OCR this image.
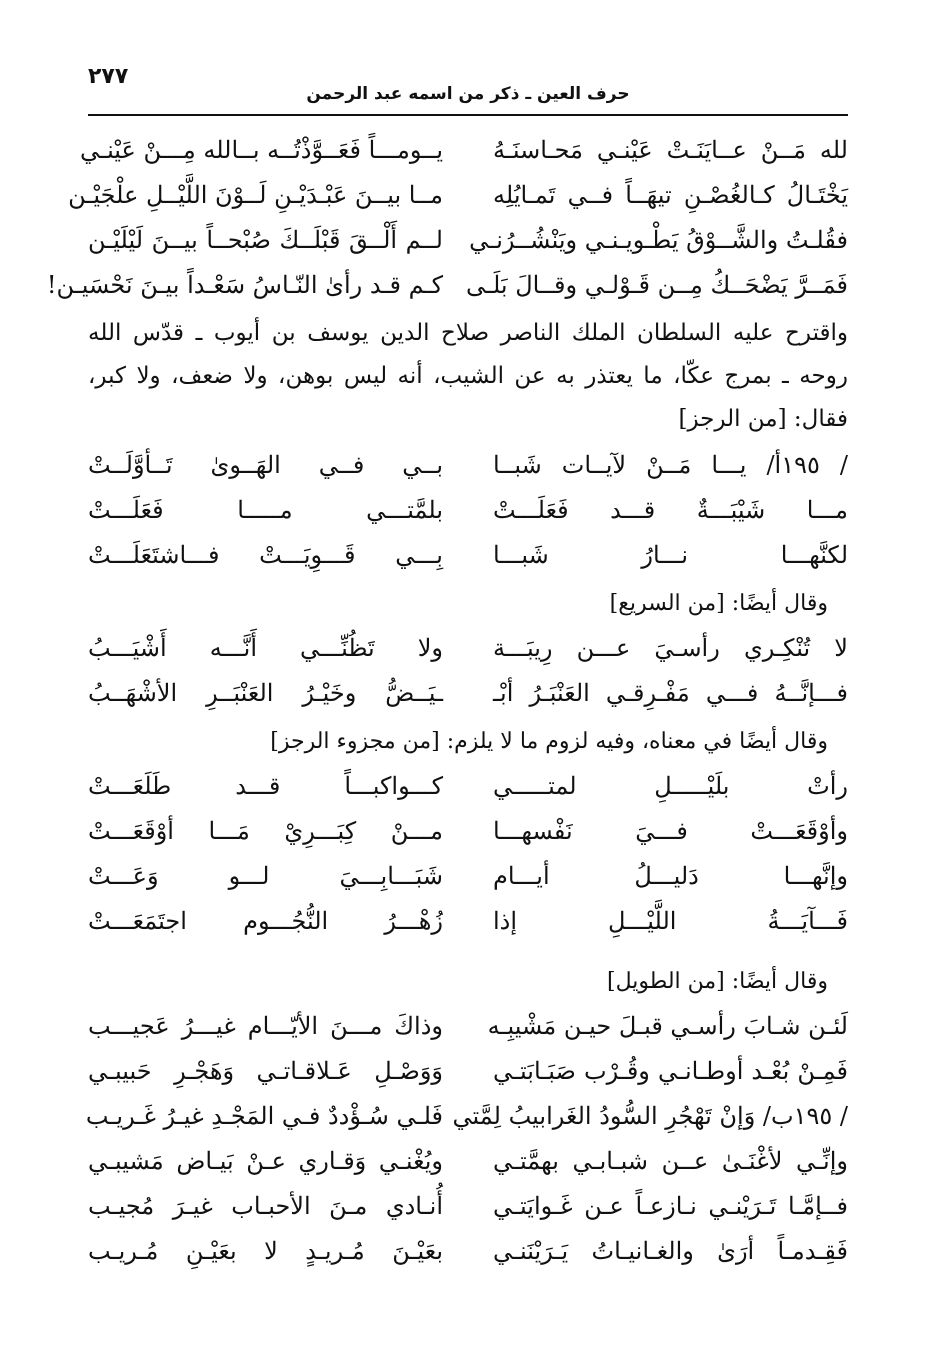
حرف العين ـ ذكر من اسمه عبد الرحمن
٢٧٧
لله مَــنْ عــايَنَـتْ عَيْنـي مَحـاسنَـهُ
يــومـــاً فَعَــوَّذْتُــه بــالله مِـــنْ عَيْنـي
يَخْتَـالُ كـالغُصْـنِ تيهَــاً فــي تَمـايُلِه
مــا بيــنَ عَبْـدَيْـنِ لَــوْنَ اللَّيْــلِ علْجَيْـن
فقُلـتُ والشَّــوْقُ يَطْـويـنـي ويَنْشُــرُنـي
لــم أَلْــقَ قَبْلَــكَ صُبْحــاً بيــنَ لَيْلَيْـن
فَمَــرَّ يَضْحَــكُ مِــن قَـوْلـي وقــالَ بَلَـى
كـم قـد رأىٰ النّـاسُ سَعْـداً بيـنَ نَحْسَيـن!
واقترح عليه السلطان الملك الناصر صلاح الدين يوسف بن أيوب ـ قدّس الله روحه ـ بمرج عكّا، ما يعتذر به عن الشيب، أنه ليس بوهن، ولا ضعف، ولا كبر، فقال: [من الرجز]
/ ١٩٥أ/ يـــا مَــنْ لآيــات شَبــا
بــي فــي الهَــوىٰ تَــأوَّلَــتْ
مـــا شَيْبَـــةٌ قـــد فَعَلَـــتْ
بلمَّتـــي مـــــا فَعَلَـــتْ
لكنَّهـــا نـــارُ شَبـــا
بِـــي قَـــوِيَـــتْ فـــاشتَعَلَـــتْ
وقال أيضًا: [من السريع]
لا تُنْكِـري رأسـيَ عـــن رِيبَـــة
ولا تَظُنِّـــي أَنَّـــه أَشْيَـــبُ
فـــإنَّــهُ فـــي مَفْـرِقـي العَنْبَـرُ أبْـ
ـيَــضُّ وخَيْـرُ العَنْبَــرِ الأشْهَــبُ
وقال أيضًا في معناه، وفيه لزوم ما لا يلزم: [من مجزوء الرجز]
رأتْ بلَيْـــــلِ لمتـــــي
كـــواكبـــاً قـــد طَلَعَـــتْ
وأوْقَعَـــتْ فـــيَ نَفْسهـــا
مـــنْ كِبَـــرِيْ مَـــا أوْقَعَـــتْ
وإنَّهـــا دَليـــلُ أيـــام
شَبَـــابِـــيَ لـــو وَعَـــتْ
فَـــآيَـــةُ اللَّيْـــلِ إذا
زُهْـــرُ النُّجُـــوم اجتَمَعَـــتْ
وقال أيضًا: [من الطويل]
لَئـن شـابَ رأسـي قبـلَ حيـن مَشْيبِـه
وذاكَ مـــنَ الأيّـــام غيـــرُ عَجيـــب
فَمِـنْ بُعْـد أوطـانـي وقُـرْب صَبَـابَتـي
وَوَصْـلِ عَـلاقـاتـي وَهَجْـرِ حَبيبـي
/ ١٩٥ب/ وَإنْ تَهْجُرِ السُّودُ الغَرابيبُ لِمَّتي
فَلـي سُـؤْددٌ فـي المَجْـدِ غيـرُ غَـريـب
وإنِّـي لأغْنَـىٰ عــن شبـابـي بهمَّتـي
ويُغْنـي وَقـاري عـنْ بَيـاض مَشيبـي
فــإمَّـا تَـرَيْنـي نـازعـاً عـن غَـوايَتـي
أُنـادي مـنَ الأحبـاب غيـرَ مُجيـب
فَقِـدمـاً أرَىٰ والغـانيـاتُ يَـرَيْنَنـي
بعَيْـنَ مُـريـدٍ لا بعَيْـنِ مُـريـب
